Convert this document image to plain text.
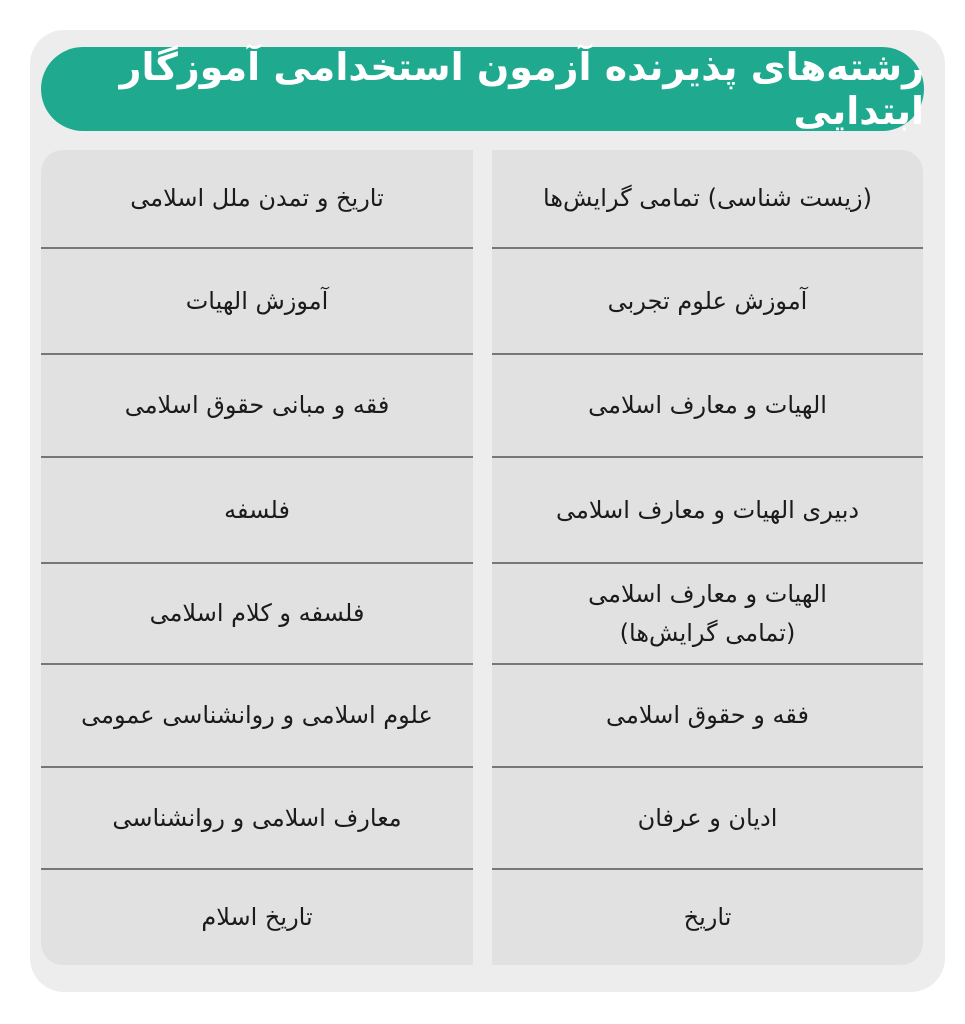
رشته‌های پذیرنده آزمون استخدامی آموزگار ابتدایی
(زیست شناسی) تمامی گرایش‌ها
آموزش علوم تجربی
الهیات و معارف اسلامی
دبیری الهیات و معارف اسلامی
الهیات و معارف اسلامی
(تمامی گرایش‌ها)
فقه و حقوق اسلامی
ادیان و عرفان
تاریخ
تاریخ و تمدن ملل اسلامی
آموزش الهیات
فقه و مبانی حقوق اسلامی
فلسفه
فلسفه و کلام اسلامی
علوم اسلامی و روانشناسی عمومی
معارف اسلامی و روانشناسی
تاریخ اسلام
